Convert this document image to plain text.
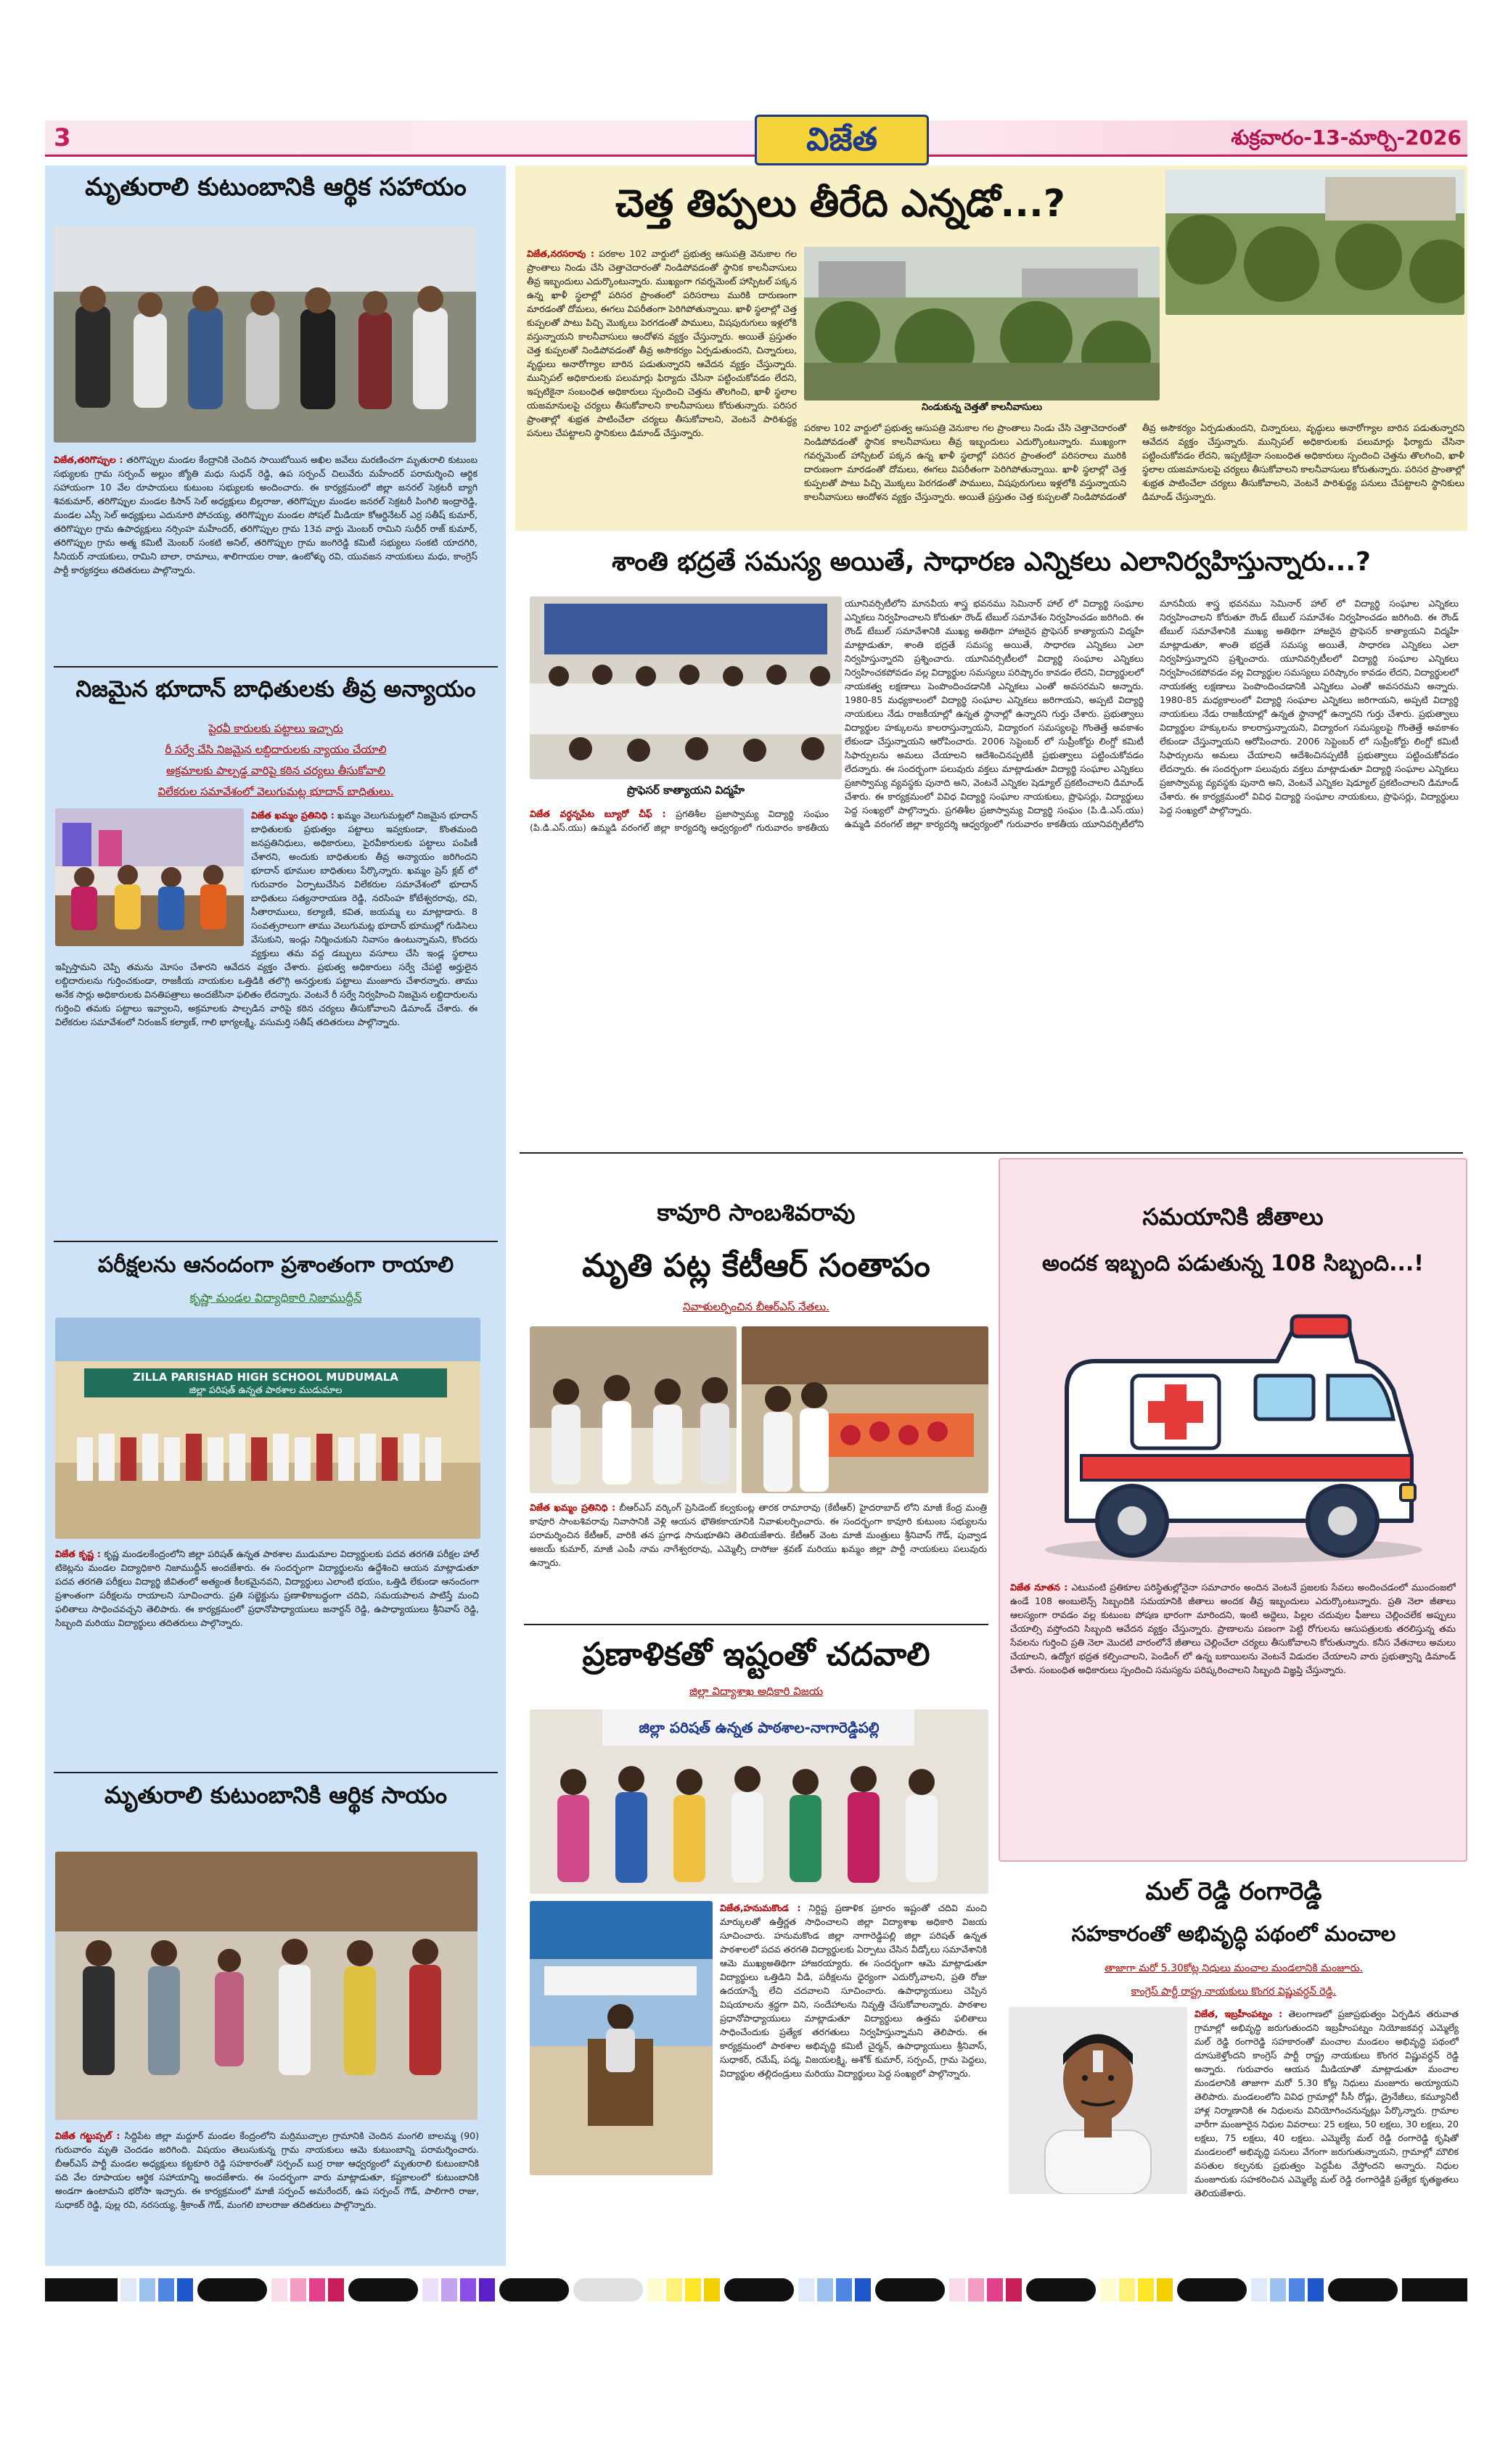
3	విజేత	శుక్రవారం-13-మార్చి-2026
మృతురాలి కుటుంబానికి ఆర్థిక సహాయం
విజేత,తరిగొప్పుల : తరిగొప్పుల మండల కేంద్రానికి చెందిన సాయిబోయిన అఖిల జవేలు మరణించగా మృతురాలి కుటుంబ సభ్యులకు గ్రామ సర్పంచ్ అల్లుం జ్యోతి మధు సుధన్ రెడ్డి, ఉప సర్పంచ్ చిలువేరు మహేందర్ పరామర్శించి ఆర్థిక సహాయంగా 10 వేల రూపాయలు కుటుంబ సభ్యులకు అందించారు. ఈ కార్యక్రమంలో జిల్లా జనరల్ సెక్రటరీ బ్యాగి శివకుమార్, తరిగొప్పుల మండల కిసాన్ సెల్ అధ్యక్షులు బిల్లరాజు, తరిగొప్పుల మండల జనరల్ సెక్రటరీ పింగిలి ఇంద్రారెడ్డి, మండల ఎస్సీ సెల్ అధ్యక్షులు ఎదునూరి పోచయ్య, తరిగొప్పుల మండల సోషల్ మీడియా కోఆర్డినేటర్ ఎర్ర సతీష్ కుమార్, తరిగొప్పుల గ్రామ ఉపాధ్యక్షులు నర్సింహ మహేందర్, తరిగొప్పుల గ్రామ 13వ వార్డు మెంబర్ రామిని సుధీర్ రాజ్ కుమార్, తరిగొప్పుల గ్రామ అత్మ కమిటీ మెంబర్ సంకటి అనిల్, తరిగొప్పుల గ్రామ జంగిరెడ్డి కమిటీ సభ్యులు సంకటి యాదగిరి, సీనియర్ నాయకులు, రామిని బాలా, రామాలు, శాలిగాయల రాజు, ఉంటోళ్ళు రవి, యువజన నాయకులు మధు, కాంగ్రెస్ పార్టీ కార్యకర్తలు తదితరులు పాల్గొన్నారు.
నిజమైన భూదాన్ బాధితులకు తీవ్ర అన్యాయం
పైరవీ కారులకు పట్టాలు ఇచ్చారు
రీ సర్వే చేసి నిజమైన లబ్దిదారులకు న్యాయం చేయాలి
అక్రమాలకు పాల్పడ్డ వారిపై కఠిన చర్యలు తీసుకోవాలి
విలేకరుల సమావేశంలో వెలుగుమట్ల భూదాన్ బాధితులు.
విజేత ఖమ్మం ప్రతినిధి : ఖమ్మం వెలుగుమట్లలో నిజమైన భూదాన్ బాధితులకు ప్రభుత్వం పట్టాలు ఇవ్వకుండా, కొంతమంది జనప్రతినిధులు, అధికారులు, పైరవీకారులకు పట్టాలు పంపిణీ చేశారని, అందుకు బాధితులకు తీవ్ర అన్యాయం జరిగిందని భూదాన్ భూముల బాధితులు పేర్కొన్నారు. ఖమ్మం ప్రెస్ క్లబ్ లో గురువారం ఏర్పాటుచేసిన విలేకరుల సమావేశంలో భూదాన్ బాధితులు సత్యనారాయణ రెడ్డి, నరసింహ కోటేశ్వరరావు, రవి, సీతారాములు, కల్యాణి, కవిత, జయమ్మ లు మాట్లాడారు. 8 సంవత్సరాలుగా తాము వెలుగుమట్ల భూదాన్ భూముల్లో గుడిసెలు వేసుకుని, ఇండ్లు నిర్మించుకుని నివాసం ఉంటున్నామని, కొందరు వ్యక్తులు తమ వద్ద డబ్బులు వసూలు చేసి ఇండ్ల స్థలాలు ఇప్పిస్తామని చెప్పి తమను మోసం చేశారని ఆవేదన వ్యక్తం చేశారు. ప్రభుత్వ అధికారులు సర్వే చేపట్టి అర్హులైన లబ్దిదారులను గుర్తించకుండా, రాజకీయ నాయకుల ఒత్తిడికి తలొగ్గి అనర్హులకు పట్టాలు మంజూరు చేశారన్నారు. తాము అనేక సార్లు అధికారులకు వినతిపత్రాలు అందజేసినా ఫలితం లేదన్నారు. వెంటనే రీ సర్వే నిర్వహించి నిజమైన లబ్దిదారులను గుర్తించి తమకు పట్టాలు ఇవ్వాలని, అక్రమాలకు పాల్పడిన వారిపై కఠిన చర్యలు తీసుకోవాలని డిమాండ్ చేశారు. ఈ విలేకరుల సమావేశంలో నిరంజన్ కల్యాణ్, గాలి భాగ్యలక్ష్మి, వసుమర్తి సతీష్ తదితరులు పాల్గొన్నారు.
పరీక్షలను ఆనందంగా ప్రశాంతంగా రాయాలి
కృష్ణా మండల విద్యాధికారి నిజాముద్దీన్
ZILLA PARISHAD HIGH SCHOOL MUDUMALA
జిల్లా పరిషత్ ఉన్నత పాఠశాల ముడుమాల
విజేత కృష్ణ : కృష్ణ మండలకేంద్రంలోని జిల్లా పరిషత్ ఉన్నత పాఠశాల ముడుమాల విద్యార్థులకు పదవ తరగతి పరీక్షల హాల్ టికెట్లను మండల విద్యాధికారి నిజాముద్దీన్ అందజేశారు. ఈ సందర్భంగా విద్యార్థులను ఉద్దేశించి ఆయన మాట్లాడుతూ పదవ తరగతి పరీక్షలు విద్యార్థి జీవితంలో అత్యంత కీలకమైనవని, విద్యార్థులు ఎలాంటి భయం, ఒత్తిడి లేకుండా ఆనందంగా ప్రశాంతంగా పరీక్షలను రాయాలని సూచించారు. ప్రతి సబ్జెక్టును ప్రణాళికాబద్ధంగా చదివి, సమయపాలన పాటిస్తే మంచి ఫలితాలు సాధించవచ్చని తెలిపారు. ఈ కార్యక్రమంలో ప్రధానోపాధ్యాయులు జనార్ధన్ రెడ్డి, ఉపాధ్యాయులు శ్రీనివాస్ రెడ్డి, సిబ్బంది మరియు విద్యార్థులు తదితరులు పాల్గొన్నారు.
మృతురాలి కుటుంబానికి ఆర్థిక సాయం
విజేత గట్టుప్పల్ : సిద్దిపేట జిల్లా మద్దూర్ మండల కేంద్రంలోని మర్రిముచ్చాల గ్రామానికి చెందిన మంగలి బాలమ్మ (90) గురువారం మృతి చెందడం జరిగింది. విషయం తెలుసుకున్న గ్రామ నాయకులు ఆమె కుటుంబాన్ని పరామర్శించారు. బీఆర్ఎస్ పార్టీ మండల అధ్యక్షులు కట్టకూరి రెడ్డి సహకారంతో సర్పంచ్ బుర్ర రాజు ఆధ్వర్యంలో మృతురాలి కుటుంబానికి పది వేల రూపాయల ఆర్థిక సహాయాన్ని అందజేశారు. ఈ సందర్భంగా వారు మాట్లాడుతూ, కష్టకాలంలో కుటుంబానికి అండగా ఉంటామని భరోసా ఇచ్చారు. ఈ కార్యక్రమంలో మాజీ సర్పంచ్ అమరేందర్, ఉప సర్పంచ్ గౌడ్, పాలిగారి రాజు, సుధాకర్ రెడ్డి, పుల్ల రవి, నరసయ్య, శ్రీకాంత్ గౌడ్, మంగలి బాలరాజు తదితరులు పాల్గొన్నారు.
చెత్త తిప్పలు తీరేది ఎన్నడో...?
నిండుకున్న చెత్తతో కాలనీవాసులు
విజేత,నరసరావు : పరకాల 102 వార్డులో ప్రభుత్వ ఆసుపత్రి వెనుకాల గల ప్రాంతాలు నిండు చేసి చెత్తాచెదారంతో నిండిపోవడంతో స్థానిక కాలనీవాసులు తీవ్ర ఇబ్బందులు ఎదుర్కొంటున్నారు. ముఖ్యంగా గవర్నమెంట్ హాస్పిటల్ పక్కన ఉన్న ఖాళీ స్థలాల్లో పరిసర ప్రాంతంలో పరిసరాలు మురికి దారుణంగా మారడంతో దోమలు, ఈగలు విపరీతంగా పెరిగిపోతున్నాయి. ఖాళీ స్థలాల్లో చెత్త కుప్పలతో పాటు పిచ్చి మొక్కలు పెరగడంతో పాములు, విషపురుగులు ఇళ్లలోకి వస్తున్నాయని కాలనీవాసులు ఆందోళన వ్యక్తం చేస్తున్నారు. అయితే ప్రస్తుతం చెత్త కుప్పలతో నిండిపోవడంతో తీవ్ర అసౌకర్యం ఏర్పడుతుందని, చిన్నారులు, వృద్ధులు అనారోగ్యాల బారిన పడుతున్నారని ఆవేదన వ్యక్తం చేస్తున్నారు. మున్సిపల్ అధికారులకు పలుమార్లు ఫిర్యాదు చేసినా పట్టించుకోవడం లేదని, ఇప్పటికైనా సంబంధిత అధికారులు స్పందించి చెత్తను తొలగించి, ఖాళీ స్థలాల యజమానులపై చర్యలు తీసుకోవాలని కాలనీవాసులు కోరుతున్నారు. పరిసర ప్రాంతాల్లో శుభ్రత పాటించేలా చర్యలు తీసుకోవాలని, వెంటనే పారిశుద్ధ్య పనులు చేపట్టాలని స్థానికులు డిమాండ్ చేస్తున్నారు.	పరకాల 102 వార్డులో ప్రభుత్వ ఆసుపత్రి వెనుకాల గల ప్రాంతాలు నిండు చేసి చెత్తాచెదారంతో నిండిపోవడంతో స్థానిక కాలనీవాసులు తీవ్ర ఇబ్బందులు ఎదుర్కొంటున్నారు. ముఖ్యంగా గవర్నమెంట్ హాస్పిటల్ పక్కన ఉన్న ఖాళీ స్థలాల్లో పరిసర ప్రాంతంలో పరిసరాలు మురికి దారుణంగా మారడంతో దోమలు, ఈగలు విపరీతంగా పెరిగిపోతున్నాయి. ఖాళీ స్థలాల్లో చెత్త కుప్పలతో పాటు పిచ్చి మొక్కలు పెరగడంతో పాములు, విషపురుగులు ఇళ్లలోకి వస్తున్నాయని కాలనీవాసులు ఆందోళన వ్యక్తం చేస్తున్నారు. అయితే ప్రస్తుతం చెత్త కుప్పలతో నిండిపోవడంతో తీవ్ర అసౌకర్యం ఏర్పడుతుందని, చిన్నారులు, వృద్ధులు అనారోగ్యాల బారిన పడుతున్నారని ఆవేదన వ్యక్తం చేస్తున్నారు. మున్సిపల్ అధికారులకు పలుమార్లు ఫిర్యాదు చేసినా పట్టించుకోవడం లేదని, ఇప్పటికైనా సంబంధిత అధికారులు స్పందించి చెత్తను తొలగించి, ఖాళీ స్థలాల యజమానులపై చర్యలు తీసుకోవాలని కాలనీవాసులు కోరుతున్నారు. పరిసర ప్రాంతాల్లో శుభ్రత పాటించేలా చర్యలు తీసుకోవాలని, వెంటనే పారిశుద్ధ్య పనులు చేపట్టాలని స్థానికులు డిమాండ్ చేస్తున్నారు.
శాంతి భద్రతే సమస్య అయితే, సాధారణ ఎన్నికలు ఎలానిర్వహిస్తున్నారు...?
ప్రొఫెసర్ కాత్యాయని విద్మహే
విజేత వర్ధన్నపేట బ్యూరో చీఫ్ : ప్రగతిశీల ప్రజాస్వామ్య విద్యార్థి సంఘం (పి.డి.ఎస్.యు) ఉమ్మడి వరంగల్ జిల్లా కార్యదర్శి ఆధ్వర్యంలో గురువారం కాకతీయ యూనివర్సిటీలోని మానవీయ శాస్త్ర భవనము సెమినార్ హాల్ లో విద్యార్థి సంఘాల ఎన్నికలు నిర్వహించాలని కోరుతూ రౌండ్ టేబుల్ సమావేశం నిర్వహించడం జరిగింది. ఈ రౌండ్ టేబుల్ సమావేశానికి ముఖ్య అతిథిగా హాజరైన ప్రొఫెసర్ కాత్యాయని విద్మహే మాట్లాడుతూ, శాంతి భద్రతే సమస్య అయితే, సాధారణ ఎన్నికలు ఎలా నిర్వహిస్తున్నారని ప్రశ్నించారు. యూనివర్సిటీలలో విద్యార్థి సంఘాల ఎన్నికలు నిర్వహించకపోవడం వల్ల విద్యార్థుల సమస్యలు పరిష్కారం కావడం లేదని, విద్యార్థులలో నాయకత్వ లక్షణాలు పెంపొందించడానికి ఎన్నికలు ఎంతో అవసరమని అన్నారు. 1980-85 మధ్యకాలంలో విద్యార్థి సంఘాల ఎన్నికలు జరిగాయని, అప్పటి విద్యార్థి నాయకులు నేడు రాజకీయాల్లో ఉన్నత స్థానాల్లో ఉన్నారని గుర్తు చేశారు. ప్రభుత్వాలు విద్యార్థుల హక్కులను కాలరాస్తున్నాయని, విద్యారంగ సమస్యలపై గొంతెత్తే అవకాశం లేకుండా చేస్తున్నాయని ఆరోపించారు. 2006 సెప్టెంబర్ లో సుప్రీంకోర్టు లింగ్డో కమిటీ సిఫార్సులను అమలు చేయాలని ఆదేశించినప్పటికీ ప్రభుత్వాలు పట్టించుకోవడం లేదన్నారు. ఈ సందర్భంగా పలువురు వక్తలు మాట్లాడుతూ విద్యార్థి సంఘాల ఎన్నికలు ప్రజాస్వామ్య వ్యవస్థకు పునాది అని, వెంటనే ఎన్నికల షెడ్యూల్ ప్రకటించాలని డిమాండ్ చేశారు. ఈ కార్యక్రమంలో వివిధ విద్యార్థి సంఘాల నాయకులు, ప్రొఫెసర్లు, విద్యార్థులు పెద్ద సంఖ్యలో పాల్గొన్నారు. ప్రగతిశీల ప్రజాస్వామ్య విద్యార్థి సంఘం (పి.డి.ఎస్.యు) ఉమ్మడి వరంగల్ జిల్లా కార్యదర్శి ఆధ్వర్యంలో గురువారం కాకతీయ యూనివర్సిటీలోని మానవీయ శాస్త్ర భవనము సెమినార్ హాల్ లో విద్యార్థి సంఘాల ఎన్నికలు నిర్వహించాలని కోరుతూ రౌండ్ టేబుల్ సమావేశం నిర్వహించడం జరిగింది. ఈ రౌండ్ టేబుల్ సమావేశానికి ముఖ్య అతిథిగా హాజరైన ప్రొఫెసర్ కాత్యాయని విద్మహే మాట్లాడుతూ, శాంతి భద్రతే సమస్య అయితే, సాధారణ ఎన్నికలు ఎలా నిర్వహిస్తున్నారని ప్రశ్నించారు. యూనివర్సిటీలలో విద్యార్థి సంఘాల ఎన్నికలు నిర్వహించకపోవడం వల్ల విద్యార్థుల సమస్యలు పరిష్కారం కావడం లేదని, విద్యార్థులలో నాయకత్వ లక్షణాలు పెంపొందించడానికి ఎన్నికలు ఎంతో అవసరమని అన్నారు. 1980-85 మధ్యకాలంలో విద్యార్థి సంఘాల ఎన్నికలు జరిగాయని, అప్పటి విద్యార్థి నాయకులు నేడు రాజకీయాల్లో ఉన్నత స్థానాల్లో ఉన్నారని గుర్తు చేశారు. ప్రభుత్వాలు విద్యార్థుల హక్కులను కాలరాస్తున్నాయని, విద్యారంగ సమస్యలపై గొంతెత్తే అవకాశం లేకుండా చేస్తున్నాయని ఆరోపించారు. 2006 సెప్టెంబర్ లో సుప్రీంకోర్టు లింగ్డో కమిటీ సిఫార్సులను అమలు చేయాలని ఆదేశించినప్పటికీ ప్రభుత్వాలు పట్టించుకోవడం లేదన్నారు. ఈ సందర్భంగా పలువురు వక్తలు మాట్లాడుతూ విద్యార్థి సంఘాల ఎన్నికలు ప్రజాస్వామ్య వ్యవస్థకు పునాది అని, వెంటనే ఎన్నికల షెడ్యూల్ ప్రకటించాలని డిమాండ్ చేశారు. ఈ కార్యక్రమంలో వివిధ విద్యార్థి సంఘాల నాయకులు, ప్రొఫెసర్లు, విద్యార్థులు పెద్ద సంఖ్యలో పాల్గొన్నారు.
కావూరి సాంబశివరావు
మృతి పట్ల కేటీఆర్ సంతాపం
నివాళులర్పించిన బీఆర్ఎస్ నేతలు.
విజేత ఖమ్మం ప్రతినిధి : బీఆర్ఎస్ వర్కింగ్ ప్రెసిడెంట్ కల్వకుంట్ల తారక రామారావు (కేటీఆర్) హైదరాబాద్ లోని మాజీ కేంద్ర మంత్రి కావూరి సాంబశివరావు నివాసానికి వెళ్లి ఆయన భౌతికకాయానికి నివాళులర్పించారు. ఈ సందర్భంగా కావూరి కుటుంబ సభ్యులను పరామర్శించిన కేటీఆర్, వారికి తన ప్రగాఢ సానుభూతిని తెలియజేశారు. కేటీఆర్ వెంట మాజీ మంత్రులు శ్రీనివాస్ గౌడ్, పువ్వాడ అజయ్ కుమార్, మాజీ ఎంపీ నామ నాగేశ్వరరావు, ఎమ్మెల్సీ దాసోజు శ్రవణ్ మరియు ఖమ్మం జిల్లా పార్టీ నాయకులు పలువురు ఉన్నారు.
ప్రణాళికతో ఇష్టంతో చదవాలి
జిల్లా విద్యాశాఖ అధికారి విజయ
జిల్లా పరిషత్ ఉన్నత పాఠశాల-నాగారెడ్డిపల్లి
విజేత,హనుమకొండ : నిర్దిష్ట ప్రణాళిక ప్రకారం ఇష్టంతో చదివి మంచి మార్కులతో ఉత్తీర్ణత సాధించాలని జిల్లా విద్యాశాఖ అధికారి విజయ సూచించారు. హనుమకొండ జిల్లా నాగారెడ్డిపల్లి జిల్లా పరిషత్ ఉన్నత పాఠశాలలో పదవ తరగతి విద్యార్థులకు ఏర్పాటు చేసిన వీడ్కోలు సమావేశానికి ఆమె ముఖ్యఅతిథిగా హాజరయ్యారు. ఈ సందర్భంగా ఆమె మాట్లాడుతూ విద్యార్థులు ఒత్తిడిని వీడి, పరీక్షలను ధైర్యంగా ఎదుర్కోవాలని, ప్రతి రోజు ఉదయాన్నే లేచి చదవాలని సూచించారు. ఉపాధ్యాయులు చెప్పిన విషయాలను శ్రద్ధగా విని, సందేహాలను నివృత్తి చేసుకోవాలన్నారు. పాఠశాల ప్రధానోపాధ్యాయులు మాట్లాడుతూ విద్యార్థులు ఉత్తమ ఫలితాలు సాధించేందుకు ప్రత్యేక తరగతులు నిర్వహిస్తున్నామని తెలిపారు. ఈ కార్యక్రమంలో పాఠశాల అభివృద్ధి కమిటీ చైర్మన్, ఉపాధ్యాయులు శ్రీనివాస్, సుధాకర్, రమేష్, పద్మ, విజయలక్ష్మి, అశోక్ కుమార్, సర్పంచ్, గ్రామ పెద్దలు, విద్యార్థుల తల్లిదండ్రులు మరియు విద్యార్థులు పెద్ద సంఖ్యలో పాల్గొన్నారు.
సమయానికి జీతాలు
అందక ఇబ్బంది పడుతున్న 108 సిబ్బంది...!
విజేత నూతన : ఎటువంటి ప్రతికూల పరిస్థితుల్లోనైనా సమాచారం అందిన వెంటనే ప్రజలకు సేవలు అందించడంలో ముందంజలో ఉండే 108 అంబులెన్స్ సిబ్బందికి సమయానికి జీతాలు అందక తీవ్ర ఇబ్బందులు ఎదుర్కొంటున్నారు. ప్రతి నెలా జీతాలు ఆలస్యంగా రావడం వల్ల కుటుంబ పోషణ భారంగా మారిందని, ఇంటి అద్దెలు, పిల్లల చదువుల ఫీజులు చెల్లించలేక అప్పులు చేయాల్సి వస్తోందని సిబ్బంది ఆవేదన వ్యక్తం చేస్తున్నారు. ప్రాణాలను పణంగా పెట్టి రోగులను ఆసుపత్రులకు తరలిస్తున్న తమ సేవలను గుర్తించి ప్రతి నెలా మొదటి వారంలోనే జీతాలు చెల్లించేలా చర్యలు తీసుకోవాలని కోరుతున్నారు. కనీస వేతనాలు అమలు చేయాలని, ఉద్యోగ భద్రత కల్పించాలని, పెండింగ్ లో ఉన్న బకాయిలను వెంటనే విడుదల చేయాలని వారు ప్రభుత్వాన్ని డిమాండ్ చేశారు. సంబంధిత అధికారులు స్పందించి సమస్యను పరిష్కరించాలని సిబ్బంది విజ్ఞప్తి చేస్తున్నారు.
మల్ రెడ్డి రంగారెడ్డి
సహకారంతో అభివృద్ధి పథంలో మంచాల
తాజాగా మరో 5.30కోట్ల నిధులు మంచాల మండలానికి మంజూరు.
కాంగ్రెస్ పార్టీ రాష్ట్ర నాయకులు కొంగర విష్ణువర్ధన్ రెడ్డి.
విజేత, ఇబ్రహీంపట్నం : తెలంగాణలో ప్రజాప్రభుత్వం ఏర్పడిన తరువాత గ్రామాల్లో అభివృద్ధి జరుగుతుందని ఇబ్రహీంపట్నం నియోజకవర్గ ఎమ్మెల్యే మల్ రెడ్డి రంగారెడ్డి సహకారంతో మంచాల మండలం అభివృద్ధి పథంలో దూసుకెళ్తోందని కాంగ్రెస్ పార్టీ రాష్ట్ర నాయకులు కొంగర విష్ణువర్ధన్ రెడ్డి అన్నారు. గురువారం ఆయన మీడియాతో మాట్లాడుతూ మంచాల మండలానికి తాజాగా మరో 5.30 కోట్ల నిధులు మంజూరు అయ్యాయని తెలిపారు. మండలంలోని వివిధ గ్రామాల్లో సీసీ రోడ్లు, డ్రైనేజీలు, కమ్యూనిటీ హాళ్ల నిర్మాణానికి ఈ నిధులను వినియోగించనున్నట్లు పేర్కొన్నారు. గ్రామాల వారీగా మంజూరైన నిధుల వివరాలు: 25 లక్షలు, 50 లక్షలు, 30 లక్షలు, 20 లక్షలు, 75 లక్షలు, 40 లక్షలు. ఎమ్మెల్యే మల్ రెడ్డి రంగారెడ్డి కృషితో మండలంలో అభివృద్ధి పనులు వేగంగా జరుగుతున్నాయని, గ్రామాల్లో మౌలిక వసతుల కల్పనకు ప్రభుత్వం పెద్దపీట వేస్తోందని అన్నారు. నిధుల మంజూరుకు సహకరించిన ఎమ్మెల్యే మల్ రెడ్డి రంగారెడ్డికి ప్రత్యేక కృతజ్ఞతలు తెలియజేశారు.
